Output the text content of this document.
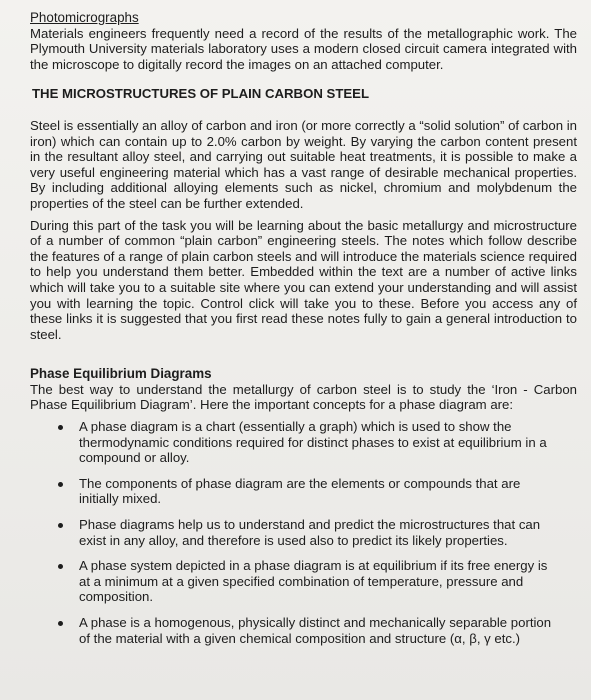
Photomicrographs

Materials engineers frequently need a record of the results of the metallographic work. The Plymouth University materials laboratory uses a modern closed circuit camera integrated with the microscope to digitally record the images on an attached computer.

THE MICROSTRUCTURES OF PLAIN CARBON STEEL

Steel is essentially an alloy of carbon and iron (or more correctly a “solid solution” of carbon in iron) which can contain up to 2.0% carbon by weight. By varying the carbon content present in the resultant alloy steel, and carrying out suitable heat treatments, it is possible to make a very useful engineering material which has a vast range of desirable mechanical properties. By including additional alloying elements such as nickel, chromium and molybdenum the properties of the steel can be further extended.

During this part of the task you will be learning about the basic metallurgy and microstructure of a number of common “plain carbon” engineering steels. The notes which follow describe the features of a range of plain carbon steels and will introduce the materials science required to help you understand them better. Embedded within the text are a number of active links which will take you to a suitable site where you can extend your understanding and will assist you with learning the topic. Control click will take you to these. Before you access any of these links it is suggested that you first read these notes fully to gain a general introduction to steel.

Phase Equilibrium Diagrams

The best way to understand the metallurgy of carbon steel is to study the ‘Iron - Carbon Phase Equilibrium Diagram’. Here the important concepts for a phase diagram are:

A phase diagram is a chart (essentially a graph) which is used to show the thermodynamic conditions required for distinct phases to exist at equilibrium in a compound or alloy.
The components of phase diagram are the elements or compounds that are initially mixed.
Phase diagrams help us to understand and predict the microstructures that can exist in any alloy, and therefore is used also to predict its likely properties.
A phase system depicted in a phase diagram is at equilibrium if its free energy is at a minimum at a given specified combination of temperature, pressure and composition.
A phase is a homogenous, physically distinct and mechanically separable portion of the material with a given chemical composition and structure (α, β, γ etc.)
